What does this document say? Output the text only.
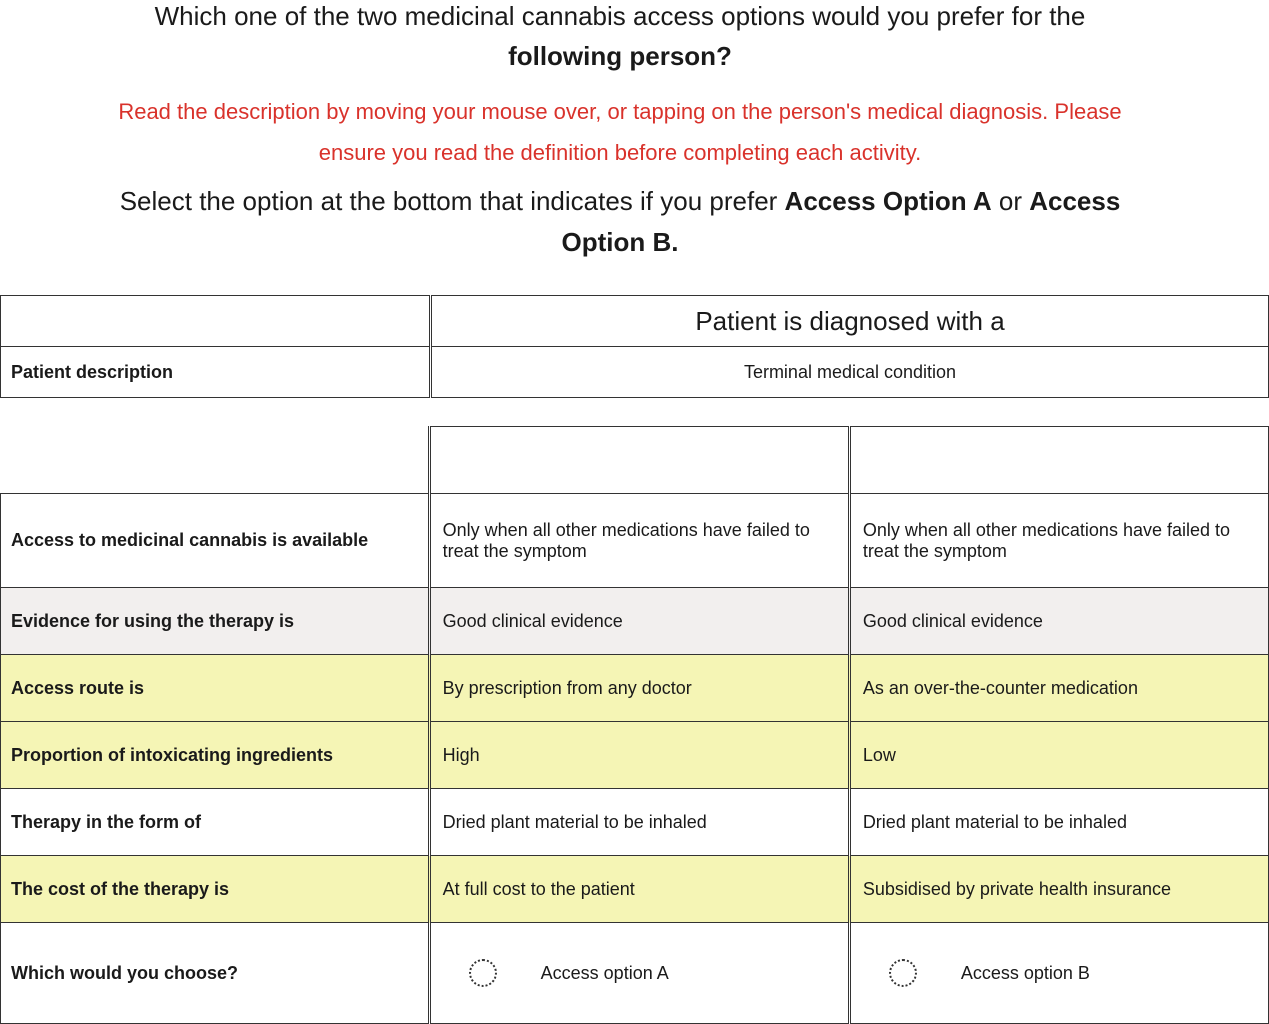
Which one of the two medicinal cannabis access options would you prefer for the
following person?
Read the description by moving your mouse over, or tapping on the person's medical diagnosis. Please
ensure you read the definition before completing each activity.
Select the option at the bottom that indicates if you prefer Access Option A or Access
Option B.
	Patient is diagnosed with a
Patient description	Terminal medical condition
	Access option A	Access option B
Access to medicinal cannabis is available	Only when all other medications have failed to treat the symptom	Only when all other medications have failed to treat the symptom
Evidence for using the therapy is	Good clinical evidence	Good clinical evidence
Access route is	By prescription from any doctor	As an over-the-counter medication
Proportion of intoxicating ingredients	High	Low
Therapy in the form of	Dried plant material to be inhaled	Dried plant material to be inhaled
The cost of the therapy is	At full cost to the patient	Subsidised by private health insurance
Which would you choose?	Access option A	Access option B
